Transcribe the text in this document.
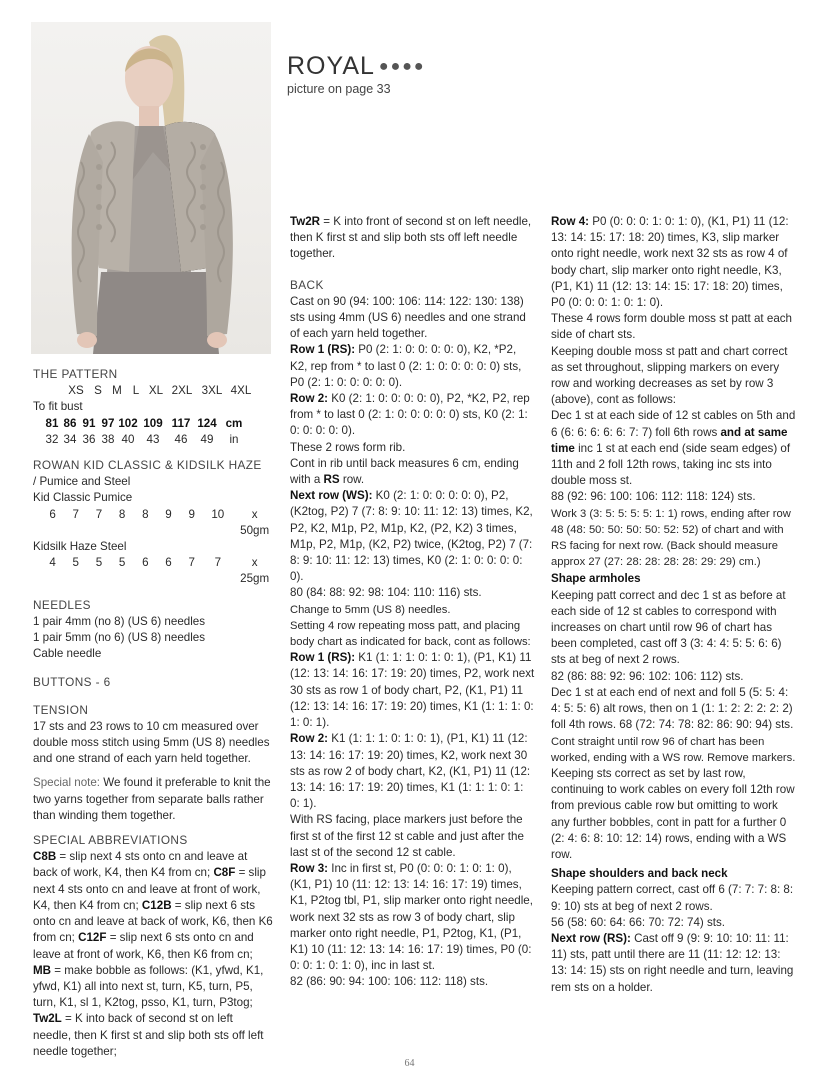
ROYAL ●●●●
picture on page 33
THE PATTERN
XS S M L XL 2XL 3XL 4XL

To fit bust

81 86 91 97 102 109 117 124 cm
32 34 36 38 40	43	46	49	in
ROWAN KID CLASSIC & KIDSILK HAZE

/ Pumice and Steel

Kid Classic Pumice

6	7	7	8	8	9	9	10	x 50gm

Kidsilk Haze Steel

4	5	5	5	6	6	7	7	x 25gm
NEEDLES

1 pair 4mm (no 8) (US 6) needles

1 pair 5mm (no 6) (US 8) needles

Cable needle

BUTTONS - 6
TENSION

17 sts and 23 rows to 10 cm measured over double moss stitch using 5mm (US 8) needles and one strand of each yarn held together.

Special note: We found it preferable to knit the two yarns together from separate balls rather than winding them together.

SPECIAL ABBREVIATIONS

C8B = slip next 4 sts onto cn and leave at back of work, K4, then K4 from cn; C8F = slip next 4 sts onto cn and leave at front of work, K4, then K4 from cn; C12B = slip next 6 sts onto cn and leave at back of work, K6, then K6 from cn; C12F = slip next 6 sts onto cn and leave at front of work, K6, then K6 from cn; MB = make bobble as follows: (K1, yfwd, K1, yfwd, K1) all into next st, turn, K5, turn, P5, turn, K1, sl 1, K2tog, psso, K1, turn, P3tog; Tw2L = K into back of second st on left needle, then K first st and slip both sts off left needle together;

Tw2R = K into front of second st on left needle, then K first st and slip both sts off left needle together.

BACK

Cast on 90 (94: 100: 106: 114: 122: 130: 138) sts using 4mm (US 6) needles and one strand of each yarn held together.

Row 1 (RS): P0 (2: 1: 0: 0: 0: 0: 0), K2, *P2, K2, rep from * to last 0 (2: 1: 0: 0: 0: 0: 0) sts, P0 (2: 1: 0: 0: 0: 0: 0).

Row 2: K0 (2: 1: 0: 0: 0: 0: 0), P2, *K2, P2, rep from * to last 0 (2: 1: 0: 0: 0: 0: 0) sts, K0 (2: 1: 0: 0: 0: 0: 0).

These 2 rows form rib.

Cont in rib until back measures 6 cm, ending with a RS row.

Next row (WS): K0 (2: 1: 0: 0: 0: 0: 0), P2, (K2tog, P2) 7 (7: 8: 9: 10: 11: 12: 13) times, K2, P2, K2, M1p, P2, M1p, K2, (P2, K2) 3 times, M1p, P2, M1p, (K2, P2) twice, (K2tog, P2) 7 (7: 8: 9: 10: 11: 12: 13) times, K0 (2: 1: 0: 0: 0: 0: 0).

80 (84: 88: 92: 98: 104: 110: 116) sts.

Change to 5mm (US 8) needles.

Setting 4 row repeating moss patt, and placing body chart as indicated for back, cont as follows:

Row 1 (RS): K1 (1: 1: 1: 0: 1: 0: 1), (P1, K1) 11 (12: 13: 14: 16: 17: 19: 20) times, P2, work next 30 sts as row 1 of body chart, P2, (K1, P1) 11 (12: 13: 14: 16: 17: 19: 20) times, K1 (1: 1: 1: 0: 1: 0: 1).

Row 2: K1 (1: 1: 1: 0: 1: 0: 1), (P1, K1) 11 (12: 13: 14: 16: 17: 19: 20) times, K2, work next 30 sts as row 2 of body chart, K2, (K1, P1) 11 (12: 13: 14: 16: 17: 19: 20) times, K1 (1: 1: 1: 0: 1: 0: 1).

With RS facing, place markers just before the first st of the first 12 st cable and just after the last st of the second 12 st cable.

Row 3: Inc in first st, P0 (0: 0: 0: 1: 0: 1: 0), (K1, P1) 10 (11: 12: 13: 14: 16: 17: 19) times, K1, P2tog tbl, P1, slip marker onto right needle, work next 32 sts as row 3 of body chart, slip marker onto right needle, P1, P2tog, K1, (P1, K1) 10 (11: 12: 13: 14: 16: 17: 19) times, P0 (0: 0: 0: 1: 0: 1: 0), inc in last st.

82 (86: 90: 94: 100: 106: 112: 118) sts.

Row 4: P0 (0: 0: 0: 1: 0: 1: 0), (K1, P1) 11 (12: 13: 14: 15: 17: 18: 20) times, K3, slip marker onto right needle, work next 32 sts as row 4 of body chart, slip marker onto right needle, K3, (P1, K1) 11 (12: 13: 14: 15: 17: 18: 20) times, P0 (0: 0: 0: 1: 0: 1: 0).

These 4 rows form double moss st patt at each side of chart sts.

Keeping double moss st patt and chart correct as set throughout, slipping markers on every row and working decreases as set by row 3 (above), cont as follows:

Dec 1 st at each side of 12 st cables on 5th and 6 (6: 6: 6: 6: 6: 7: 7) foll 6th rows and at same time inc 1 st at each end (side seam edges) of 11th and 2 foll 12th rows, taking inc sts into double moss st.

88 (92: 96: 100: 106: 112: 118: 124) sts.

Work 3 (3: 5: 5: 5: 5: 1: 1) rows, ending after row 48 (48: 50: 50: 50: 50: 52: 52) of chart and with RS facing for next row. (Back should measure approx 27 (27: 28: 28: 28: 28: 29: 29) cm.)

Shape armholes

Keeping patt correct and dec 1 st as before at each side of 12 st cables to correspond with increases on chart until row 96 of chart has been completed, cast off 3 (3: 4: 4: 5: 5: 6: 6) sts at beg of next 2 rows.

82 (86: 88: 92: 96: 102: 106: 112) sts.

Dec 1 st at each end of next and foll 5 (5: 5: 4: 4: 5: 5: 6) alt rows, then on 1 (1: 1: 2: 2: 2: 2: 2) foll 4th rows. 68 (72: 74: 78: 82: 86: 90: 94) sts.

Cont straight until row 96 of chart has been worked, ending with a WS row. Remove markers.

Keeping sts correct as set by last row, continuing to work cables on every foll 12th row from previous cable row but omitting to work any further bobbles, cont in patt for a further 0 (2: 4: 6: 8: 10: 12: 14) rows, ending with a WS row.

Shape shoulders and back neck

Keeping pattern correct, cast off 6 (7: 7: 7: 8: 8: 9: 10) sts at beg of next 2 rows.

56 (58: 60: 64: 66: 70: 72: 74) sts.

Next row (RS): Cast off 9 (9: 9: 10: 10: 11: 11: 11) sts, patt until there are 11 (11: 12: 12: 13: 13: 14: 15) sts on right needle and turn, leaving rem sts on a holder.

64
